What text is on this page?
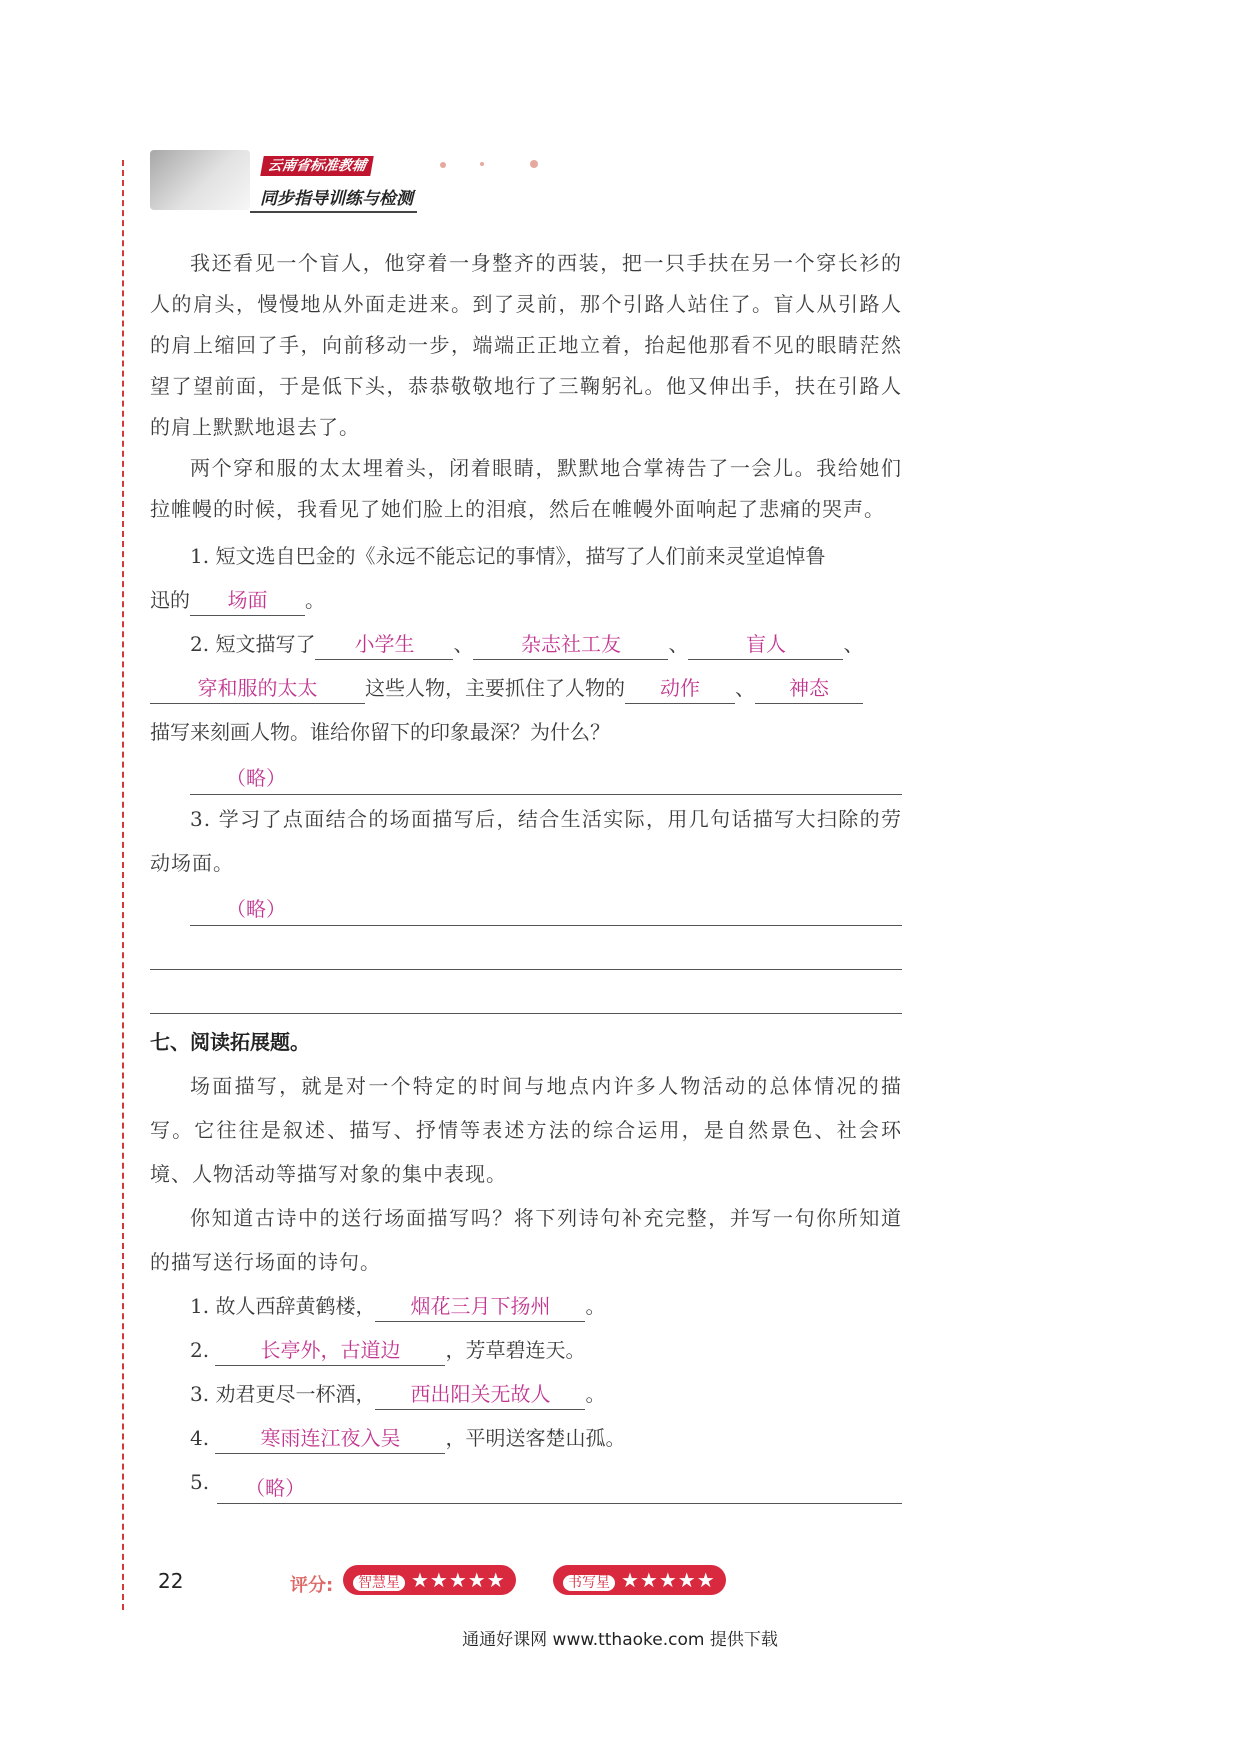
云南省标准教辅
同步指导训练与检测

我还看见一个盲人，他穿着一身整齐的西装，把一只手扶在另一个穿长衫的人的肩头，慢慢地从外面走进来。到了灵前，那个引路人站住了。盲人从引路人的肩上缩回了手，向前移动一步，端端正正地立着，抬起他那看不见的眼睛茫然望了望前面，于是低下头，恭恭敬敬地行了三鞠躬礼。他又伸出手，扶在引路人的肩上默默地退去了。

两个穿和服的太太埋着头，闭着眼睛，默默地合掌祷告了一会儿。我给她们拉帷幔的时候，我看见了她们脸上的泪痕，然后在帷幔外面响起了悲痛的哭声。

1. 短文选自巴金的《永远不能忘记的事情》，描写了人们前来灵堂追悼鲁

迅的 场面 。

2. 短文描写了 小学生 、 杂志社工友 、	盲人	、

穿和服的太太 这些人物，主要抓住了人物的 动作 、 神态

描写来刻画人物。谁给你留下的印象最深？为什么？

（略）

3. 学习了点面结合的场面描写后，结合生活实际，用几句话描写大扫除的劳动场面。

（略）

七、阅读拓展题。

场面描写，就是对一个特定的时间与地点内许多人物活动的总体情况的描写。它往往是叙述、描写、抒情等表述方法的综合运用，是自然景色、社会环境、人物活动等描写对象的集中表现。

你知道古诗中的送行场面描写吗？将下列诗句补充完整，并写一句你所知道的描写送行场面的诗句。

1. 故人西辞黄鹤楼， 烟花三月下扬州 。

2.	长亭外，古道边 ，芳草碧连天。

3. 劝君更尽一杯酒， 西出阳关无故人 。

4.	寒雨连江夜入吴 ，平明送客楚山孤。

5.	（略）

22	评分:	智慧星 ★★★★★	书写星 ★★★★★
通通好课网 www.tthaoke.com 提供下载
